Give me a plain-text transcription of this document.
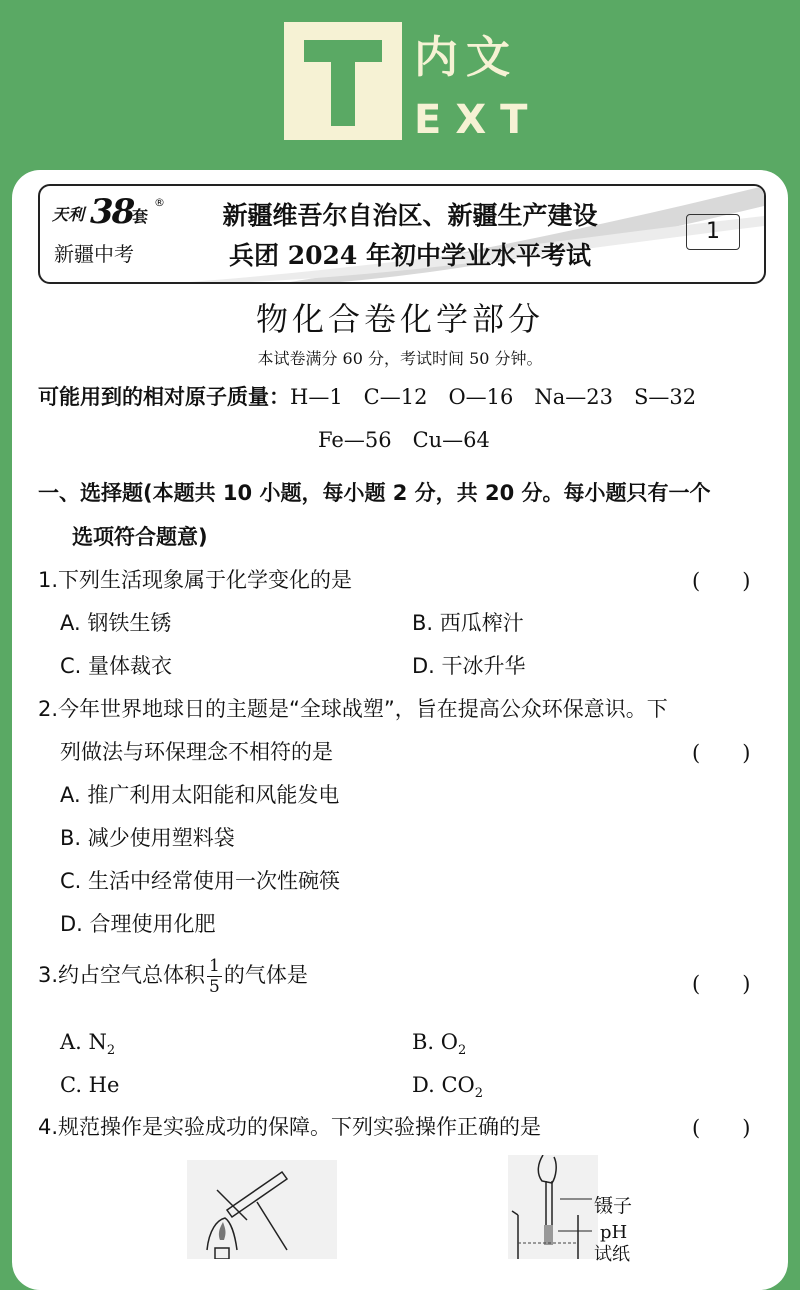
内文
EXT
天利 38
套
®
新疆中考
新疆维吾尔自治区、新疆生产建设
兵团 2024 年初中学业水平考试
1
物化合卷化学部分
本试卷满分 60 分，考试时间 50 分钟。
可能用到的相对原子质量：H—1　C—12　O—16　Na—23　S—32
Fe—56　Cu—64
一、选择题(本题共 10 小题，每小题 2 分，共 20 分。每小题只有一个
选项符合题意)
1.下列生活现象属于化学变化的是	(　　)
A. 钢铁生锈	B. 西瓜榨汁
C. 量体裁衣	D. 干冰升华
2.今年世界地球日的主题是“全球战塑”，旨在提高公众环保意识。下
列做法与环保理念不相符的是	(　　)
A. 推广利用太阳能和风能发电
B. 减少使用塑料袋
C. 生活中经常使用一次性碗筷
D. 合理使用化肥
3.约占空气总体积 $\frac{1}{5}$ 的气体是	(　　)
A. $N_2$	B. $O_2$
C. He	D. $CO_2$
4.规范操作是实验成功的保障。下列实验操作正确的是	(　　)
镊子
pH
试纸
